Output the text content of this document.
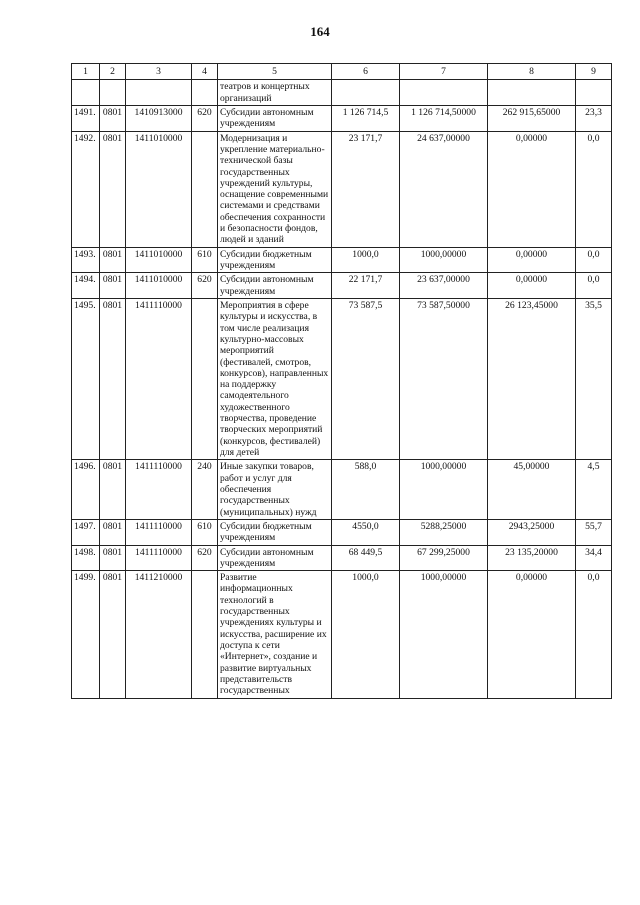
164
1	2	3	4	5	6	7	8	9
				театров и концертных организаций				
1491.	0801	1410913000	620	Субсидии автономным учреждениям	1 126 714,5	1 126 714,50000	262 915,65000	23,3
1492.	0801	1411010000		Модернизация и укрепление материально-технической базы государственных учреждений культуры, оснащение современными системами и средствами обеспечения сохранности и безопасности фондов, людей и зданий	23 171,7	24 637,00000	0,00000	0,0
1493.	0801	1411010000	610	Субсидии бюджетным учреждениям	1000,0	1000,00000	0,00000	0,0
1494.	0801	1411010000	620	Субсидии автономным учреждениям	22 171,7	23 637,00000	0,00000	0,0
1495.	0801	1411110000		Мероприятия в сфере культуры и искусства, в том числе реализация культурно-массовых мероприятий (фестивалей, смотров, конкурсов), направленных на поддержку самодеятельного художественного творчества, проведение творческих мероприятий (конкурсов, фестивалей) для детей	73 587,5	73 587,50000	26 123,45000	35,5
1496.	0801	1411110000	240	Иные закупки товаров, работ и услуг для обеспечения государственных (муниципальных) нужд	588,0	1000,00000	45,00000	4,5
1497.	0801	1411110000	610	Субсидии бюджетным учреждениям	4550,0	5288,25000	2943,25000	55,7
1498.	0801	1411110000	620	Субсидии автономным учреждениям	68 449,5	67 299,25000	23 135,20000	34,4
1499.	0801	1411210000		Развитие информационных технологий в государственных учреждениях культуры и искусства, расширение их доступа к сети «Интернет», создание и развитие виртуальных представительств государственных	1000,0	1000,00000	0,00000	0,0
